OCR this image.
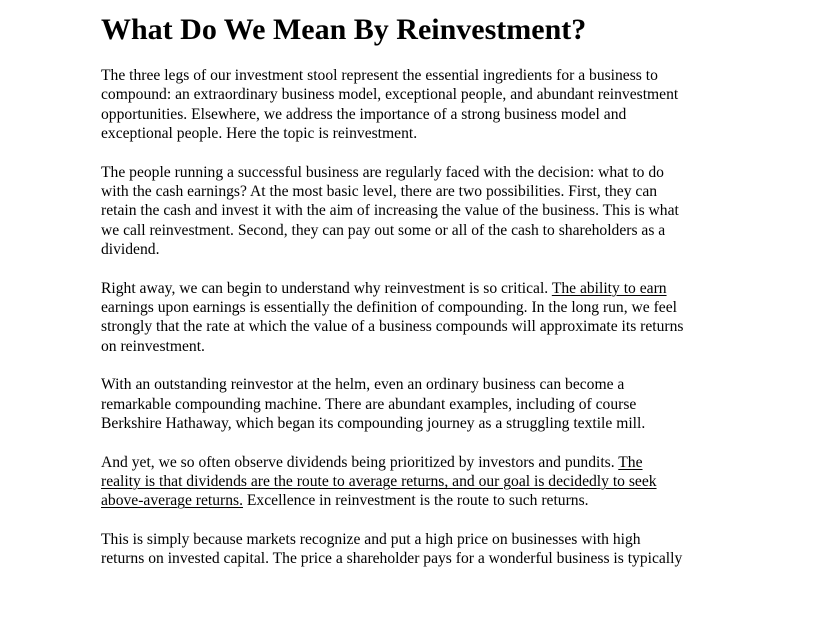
What Do We Mean By Reinvestment?

The three legs of our investment stool represent the essential ingredients for a business to
compound: an extraordinary business model, exceptional people, and abundant reinvestment
opportunities. Elsewhere, we address the importance of a strong business model and
exceptional people. Here the topic is reinvestment.

The people running a successful business are regularly faced with the decision: what to do
with the cash earnings? At the most basic level, there are two possibilities. First, they can
retain the cash and invest it with the aim of increasing the value of the business. This is what
we call reinvestment. Second, they can pay out some or all of the cash to shareholders as a
dividend.

Right away, we can begin to understand why reinvestment is so critical. The ability to earn
earnings upon earnings is essentially the definition of compounding. In the long run, we feel
strongly that the rate at which the value of a business compounds will approximate its returns
on reinvestment.

With an outstanding reinvestor at the helm, even an ordinary business can become a
remarkable compounding machine. There are abundant examples, including of course
Berkshire Hathaway, which began its compounding journey as a struggling textile mill.

And yet, we so often observe dividends being prioritized by investors and pundits. The
reality is that dividends are the route to average returns, and our goal is decidedly to seek
above-average returns. Excellence in reinvestment is the route to such returns.

This is simply because markets recognize and put a high price on businesses with high
returns on invested capital. The price a shareholder pays for a wonderful business is typically
